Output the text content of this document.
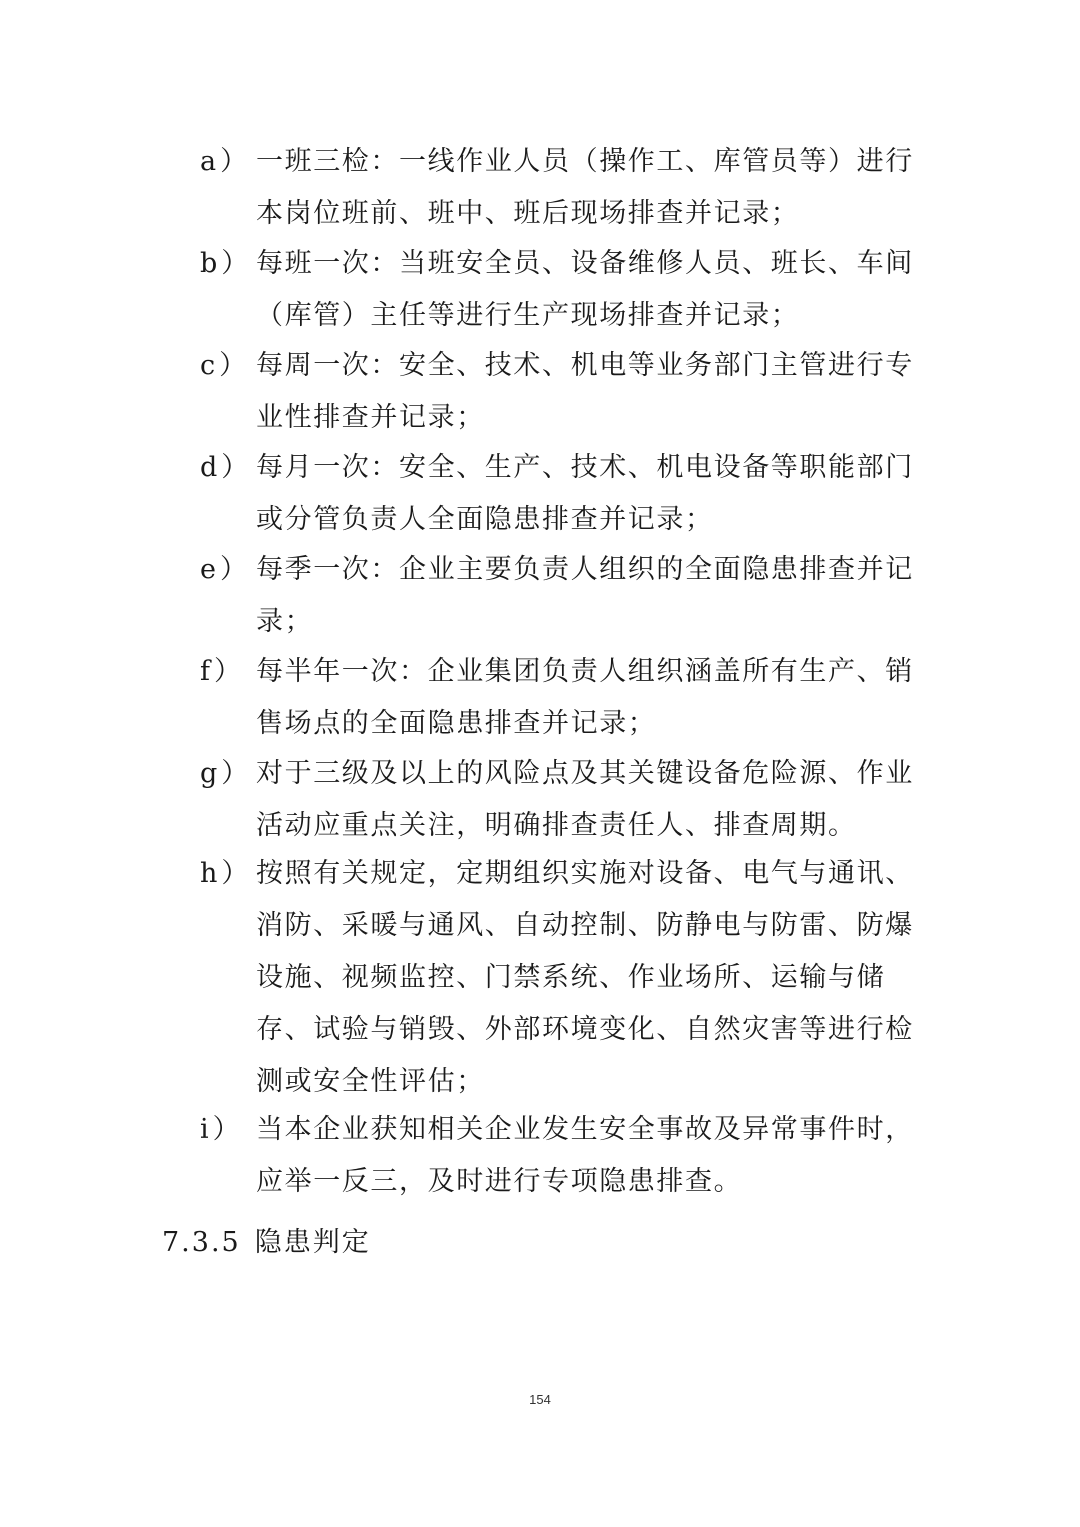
a） 一班三检：一线作业人员（操作工、库管员等）进行本岗位班前、班中、班后现场排查并记录；
b） 每班一次：当班安全员、设备维修人员、班长、车间（库管）主任等进行生产现场排查并记录；
c） 每周一次：安全、技术、机电等业务部门主管进行专业性排查并记录；
d） 每月一次：安全、生产、技术、机电设备等职能部门或分管负责人全面隐患排查并记录；
e） 每季一次：企业主要负责人组织的全面隐患排查并记录；
f） 每半年一次：企业集团负责人组织涵盖所有生产、销售场点的全面隐患排查并记录；
g） 对于三级及以上的风险点及其关键设备危险源、作业活动应重点关注，明确排查责任人、排查周期。
h） 按照有关规定，定期组织实施对设备、电气与通讯、消防、采暖与通风、自动控制、防静电与防雷、防爆设施、视频监控、门禁系统、作业场所、运输与储存、试验与销毁、外部环境变化、自然灾害等进行检测或安全性评估；
i） 当本企业获知相关企业发生安全事故及异常事件时，应举一反三，及时进行专项隐患排查。
7.3.5 隐患判定
154
